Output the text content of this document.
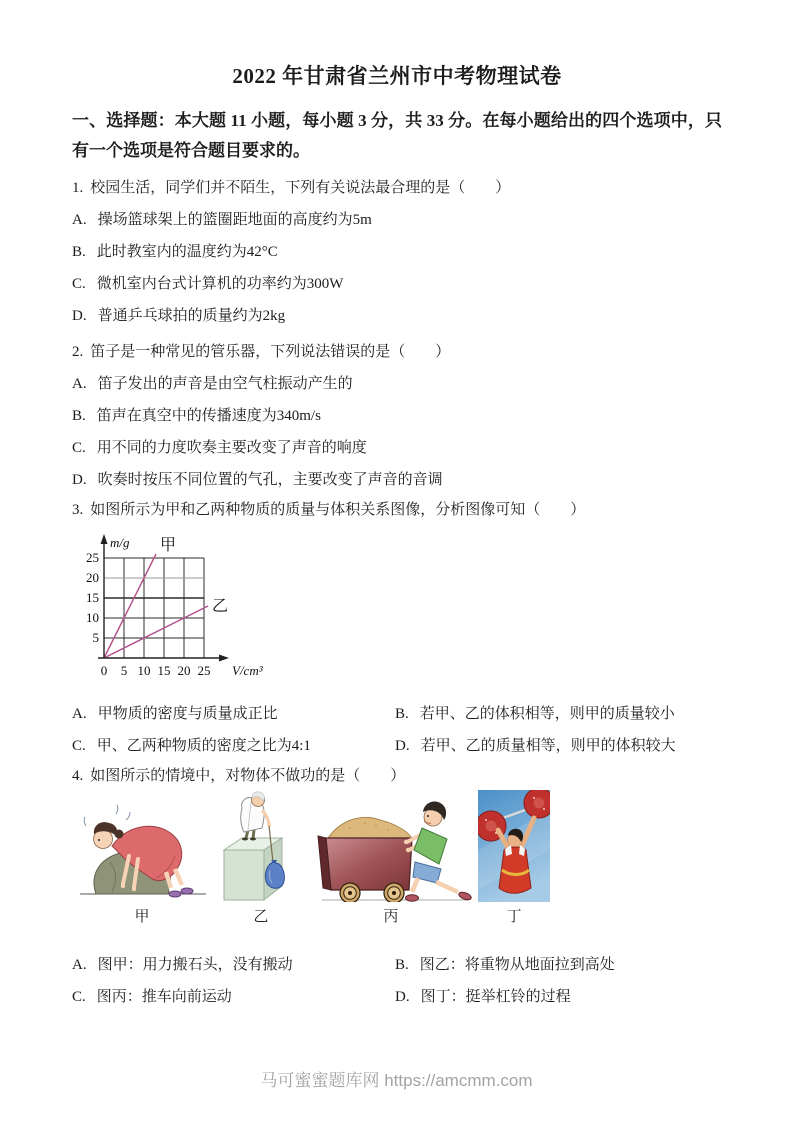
2022 年甘肃省兰州市中考物理试卷

一、选择题：本大题 11 小题，每小题 3 分，共 33 分。在每小题给出的四个选项中，只有一个选项是符合题目要求的。

1. 校园生活，同学们并不陌生，下列有关说法最合理的是（　　）

A. 操场篮球架上的篮圈距地面的高度约为5m

B. 此时教室内的温度约为42°C

C. 微机室内台式计算机的功率约为300W

D. 普通乒乓球拍的质量约为2kg

2. 笛子是一种常见的管乐器，下列说法错误的是（　　）

A. 笛子发出的声音是由空气柱振动产生的

B. 笛声在真空中的传播速度为340m/s

C. 用不同的力度吹奏主要改变了声音的响度

D. 吹奏时按压不同位置的气孔，主要改变了声音的音调

3. 如图所示为甲和乙两种物质的质量与体积关系图像，分析图像可知（　　）

m/g
V/cm³
甲
乙
5
10
15
20
25
0 5 10 15 20 25

A. 甲物质的密度与质量成正比	B. 若甲、乙的体积相等，则甲的质量较小

C. 甲、乙两种物质的密度之比为4:1	D. 若甲、乙的质量相等，则甲的体积较大

4. 如图所示的情境中，对物体不做功的是（　　）

甲	乙	丙	丁

A. 图甲：用力搬石头，没有搬动	B. 图乙：将重物从地面拉到高处

C. 图丙：推车向前运动	D. 图丁：挺举杠铃的过程

马可蜜蜜题库网 https://amcmm.com
